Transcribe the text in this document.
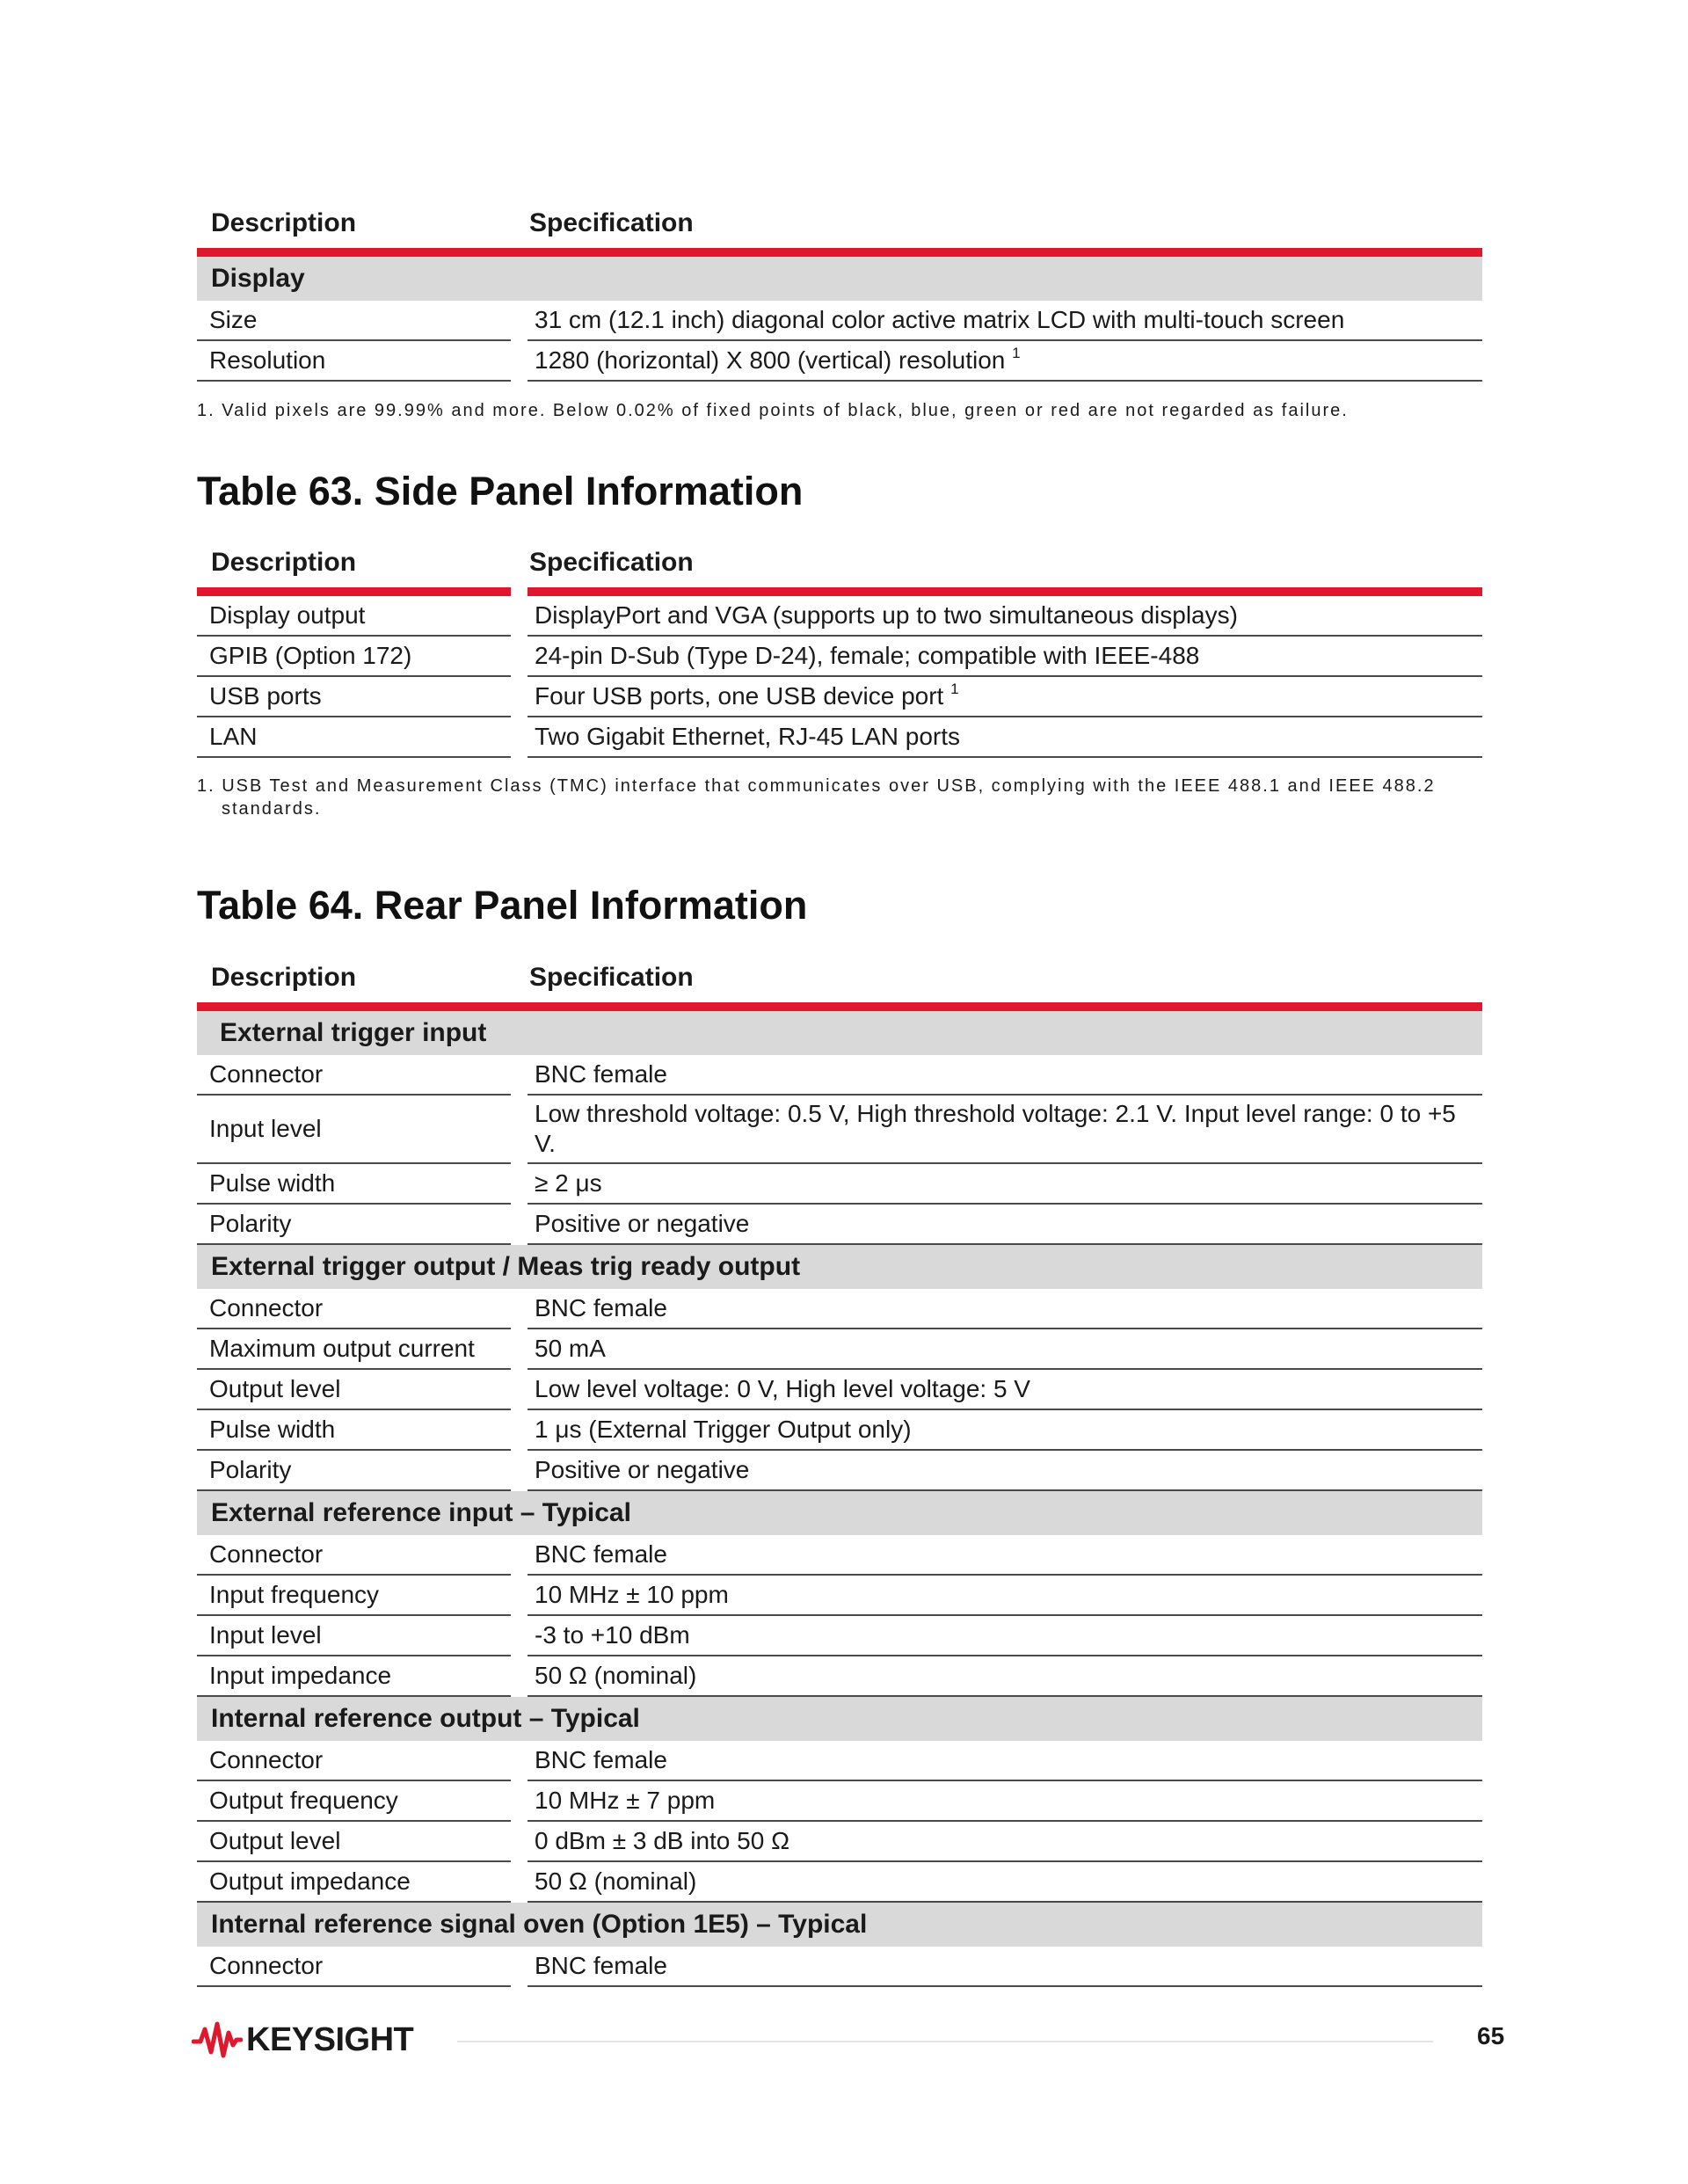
Description		Specification
Display		
Size		31 cm (12.1 inch) diagonal color active matrix LCD with multi-touch screen
Resolution		1280 (horizontal) X 800 (vertical) resolution $^1$

1. Valid pixels are 99.99% and more. Below 0.02% of fixed points of black, blue, green or red are not regarded as failure.

Table 63. Side Panel Information
Description		Specification
Display output		DisplayPort and VGA (supports up to two simultaneous displays)
GPIB (Option 172)		24-pin D-Sub (Type D-24), female; compatible with IEEE-488
USB ports		Four USB ports, one USB device port $^1$
LAN		Two Gigabit Ethernet, RJ-45 LAN ports

1. USB Test and Measurement Class (TMC) interface that communicates over USB, complying with the IEEE 488.1 and IEEE 488.2 standards.

Table 64. Rear Panel Information
Description		Specification
External trigger input		
Connector		BNC female
Input level		Low threshold voltage: 0.5 V, High threshold voltage: 2.1 V. Input level range: 0 to +5 V.
Pulse width		≥ 2 μs
Polarity		Positive or negative
External trigger output / Meas trig ready output		
Connector		BNC female
Maximum output current		50 mA
Output level		Low level voltage: 0 V, High level voltage: 5 V
Pulse width		1 μs (External Trigger Output only)
Polarity		Positive or negative
External reference input – Typical		
Connector		BNC female
Input frequency		10 MHz ± 10 ppm
Input level		-3 to +10 dBm
Input impedance		50 Ω (nominal)
Internal reference output – Typical		
Connector		BNC female
Output frequency		10 MHz ± 7 ppm
Output level		0 dBm ± 3 dB into 50 Ω
Output impedance		50 Ω (nominal)
Internal reference signal oven (Option 1E5) – Typical		
Connector		BNC female
KEYSIGHT	65
